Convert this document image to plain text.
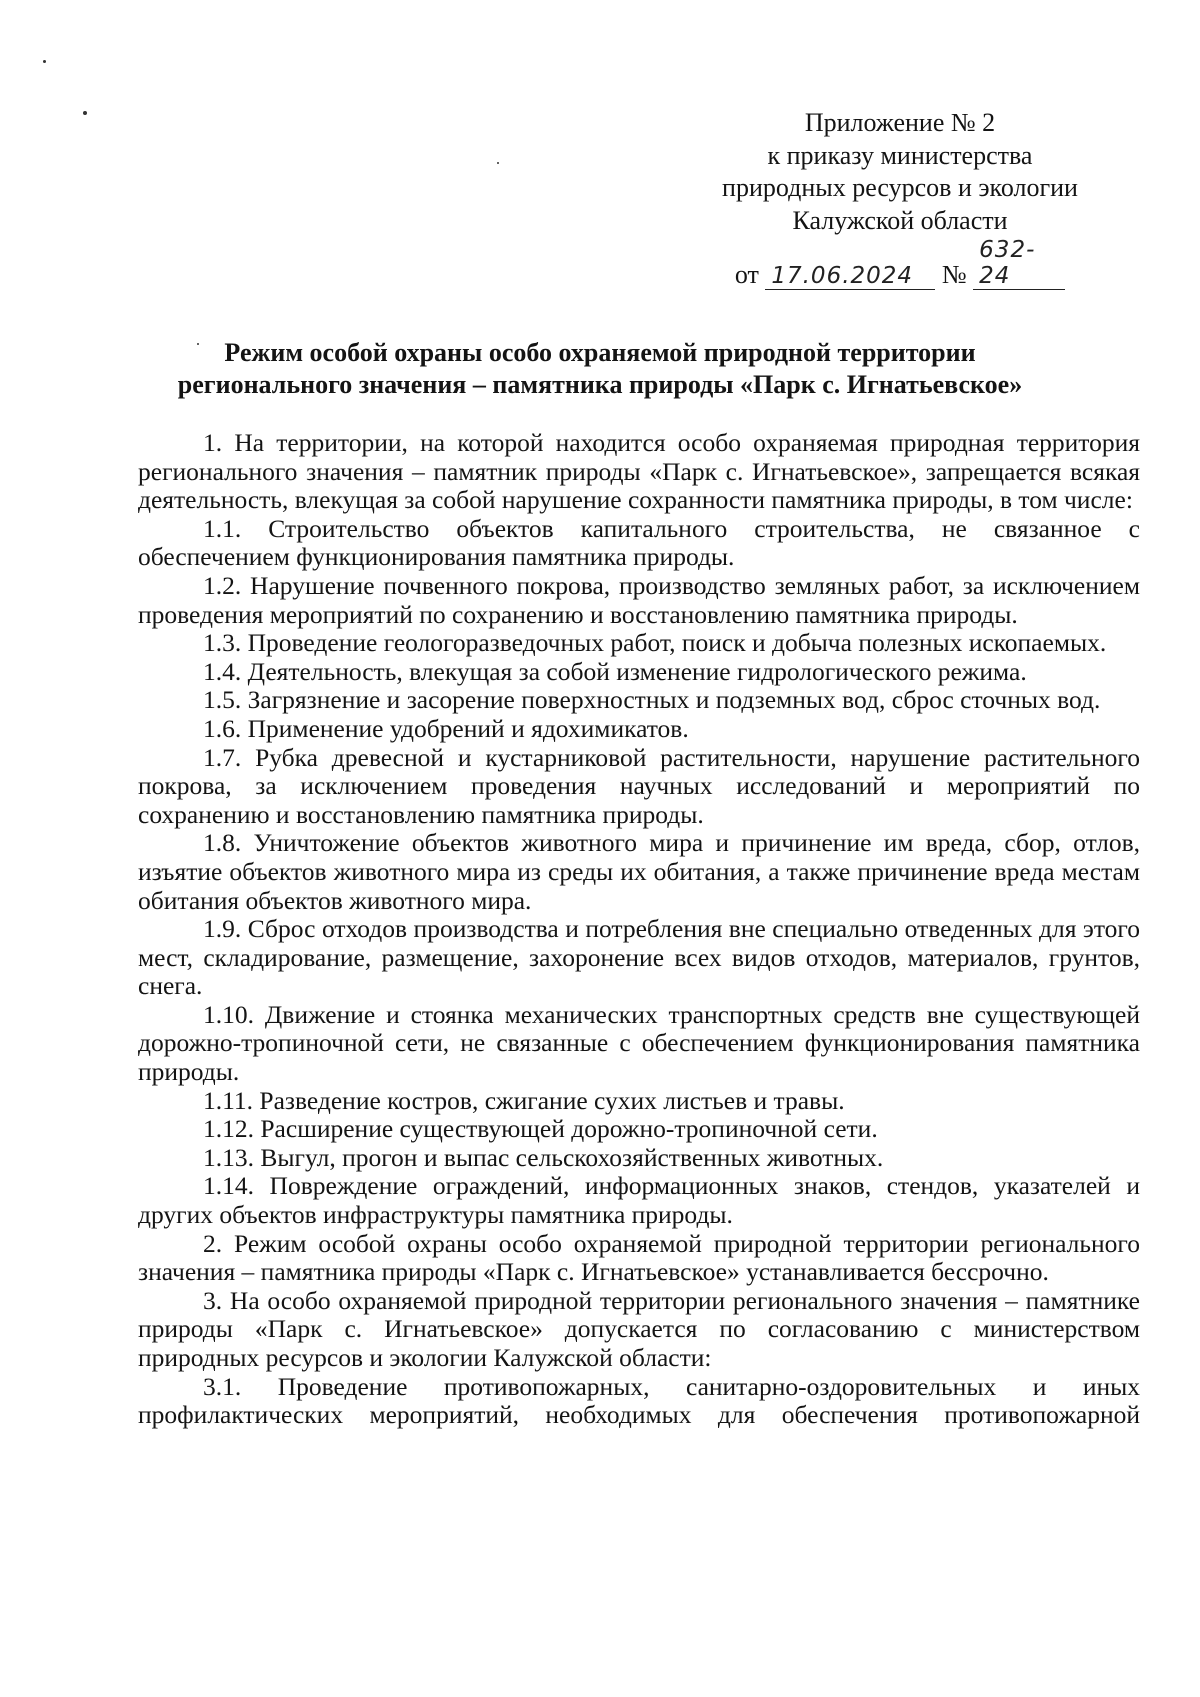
Приложение № 2
к приказу министерства
природных ресурсов и экологии
Калужской области
от 17.06.2024 № 632-24
Режим особой охраны особо охраняемой природной территории
регионального значения – памятника природы «Парк с. Игнатьевское»

1. На территории, на которой находится особо охраняемая природная территория регионального значения – памятник природы «Парк с. Игнатьевское», запрещается всякая деятельность, влекущая за собой нарушение сохранности памятника природы, в том числе:

1.1. Строительство объектов капитального строительства, не связанное с обеспечением функционирования памятника природы.

1.2. Нарушение почвенного покрова, производство земляных работ, за исключением проведения мероприятий по сохранению и восстановлению памятника природы.

1.3. Проведение геологоразведочных работ, поиск и добыча полезных ископаемых.

1.4. Деятельность, влекущая за собой изменение гидрологического режима.

1.5. Загрязнение и засорение поверхностных и подземных вод, сброс сточных вод.

1.6. Применение удобрений и ядохимикатов.

1.7. Рубка древесной и кустарниковой растительности, нарушение растительного покрова, за исключением проведения научных исследований и мероприятий по сохранению и восстановлению памятника природы.

1.8. Уничтожение объектов животного мира и причинение им вреда, сбор, отлов, изъятие объектов животного мира из среды их обитания, а также причинение вреда местам обитания объектов животного мира.

1.9. Сброс отходов производства и потребления вне специально отведенных для этого мест, складирование, размещение, захоронение всех видов отходов, материалов, грунтов, снега.

1.10. Движение и стоянка механических транспортных средств вне существующей дорожно-тропиночной сети, не связанные с обеспечением функционирования памятника природы.

1.11. Разведение костров, сжигание сухих листьев и травы.

1.12. Расширение существующей дорожно-тропиночной сети.

1.13. Выгул, прогон и выпас сельскохозяйственных животных.

1.14. Повреждение ограждений, информационных знаков, стендов, указателей и других объектов инфраструктуры памятника природы.

2. Режим особой охраны особо охраняемой природной территории регионального значения – памятника природы «Парк с. Игнатьевское» устанавливается бессрочно.

3. На особо охраняемой природной территории регионального значения – памятнике природы «Парк с. Игнатьевское» допускается по согласованию с министерством природных ресурсов и экологии Калужской области:

3.1. Проведение противопожарных, санитарно-оздоровительных и иных профилактических мероприятий, необходимых для обеспечения противопожарной
